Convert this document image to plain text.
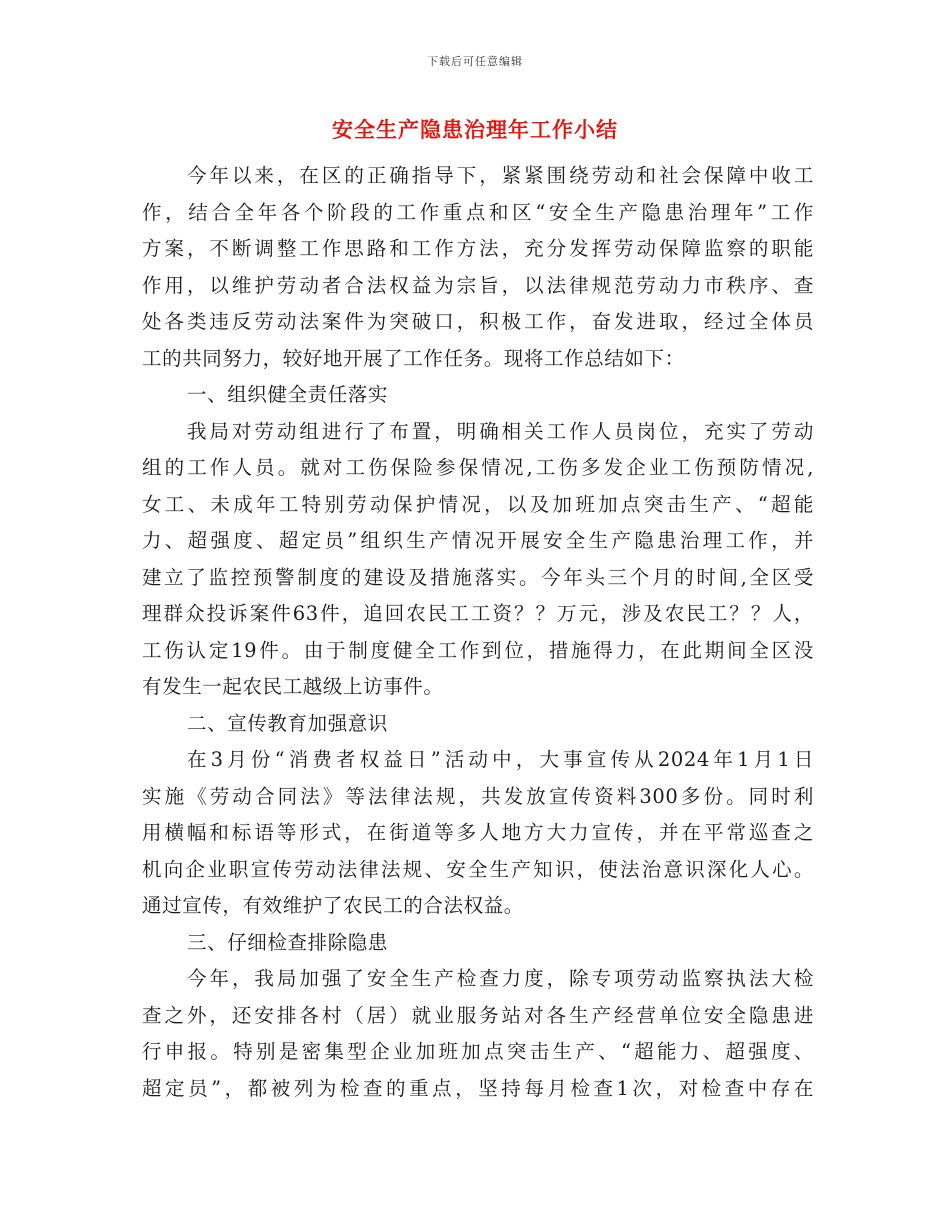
下载后可任意编辑
安全生产隐患治理年工作小结
今年以来，在区的正确指导下，紧紧围绕劳动和社会保障中收工
作，结合全年各个阶段的工作重点和区“安全生产隐患治理年”工作
方案，不断调整工作思路和工作方法，充分发挥劳动保障监察的职能
作用，以维护劳动者合法权益为宗旨，以法律规范劳动力市秩序、查
处各类违反劳动法案件为突破口，积极工作，奋发进取，经过全体员
工的共同努力，较好地开展了工作任务。现将工作总结如下：
一、组织健全责任落实
我局对劳动组进行了布置，明确相关工作人员岗位，充实了劳动
组的工作人员。就对工伤保险参保情况,工伤多发企业工伤预防情况,
女工、未成年工特别劳动保护情况，以及加班加点突击生产、“超能
力、超强度、超定员”组织生产情况开展安全生产隐患治理工作，并
建立了监控预警制度的建设及措施落实。今年头三个月的时间,全区受
理群众投诉案件63件，追回农民工工资？？万元，涉及农民工？？人，
工伤认定19件。由于制度健全工作到位，措施得力，在此期间全区没
有发生一起农民工越级上访事件。
二、宣传教育加强意识
在3月份“消费者权益日”活动中，大事宣传从2024年1月1日
实施《劳动合同法》等法律法规，共发放宣传资料300多份。同时利
用横幅和标语等形式，在街道等多人地方大力宣传，并在平常巡查之
机向企业职宣传劳动法律法规、安全生产知识，使法治意识深化人心。
通过宣传，有效维护了农民工的合法权益。
三、仔细检查排除隐患
今年，我局加强了安全生产检查力度，除专项劳动监察执法大检
查之外，还安排各村（居）就业服务站对各生产经营单位安全隐患进
行申报。特别是密集型企业加班加点突击生产、“超能力、超强度、
超定员”，都被列为检查的重点，坚持每月检查1次，对检查中存在
